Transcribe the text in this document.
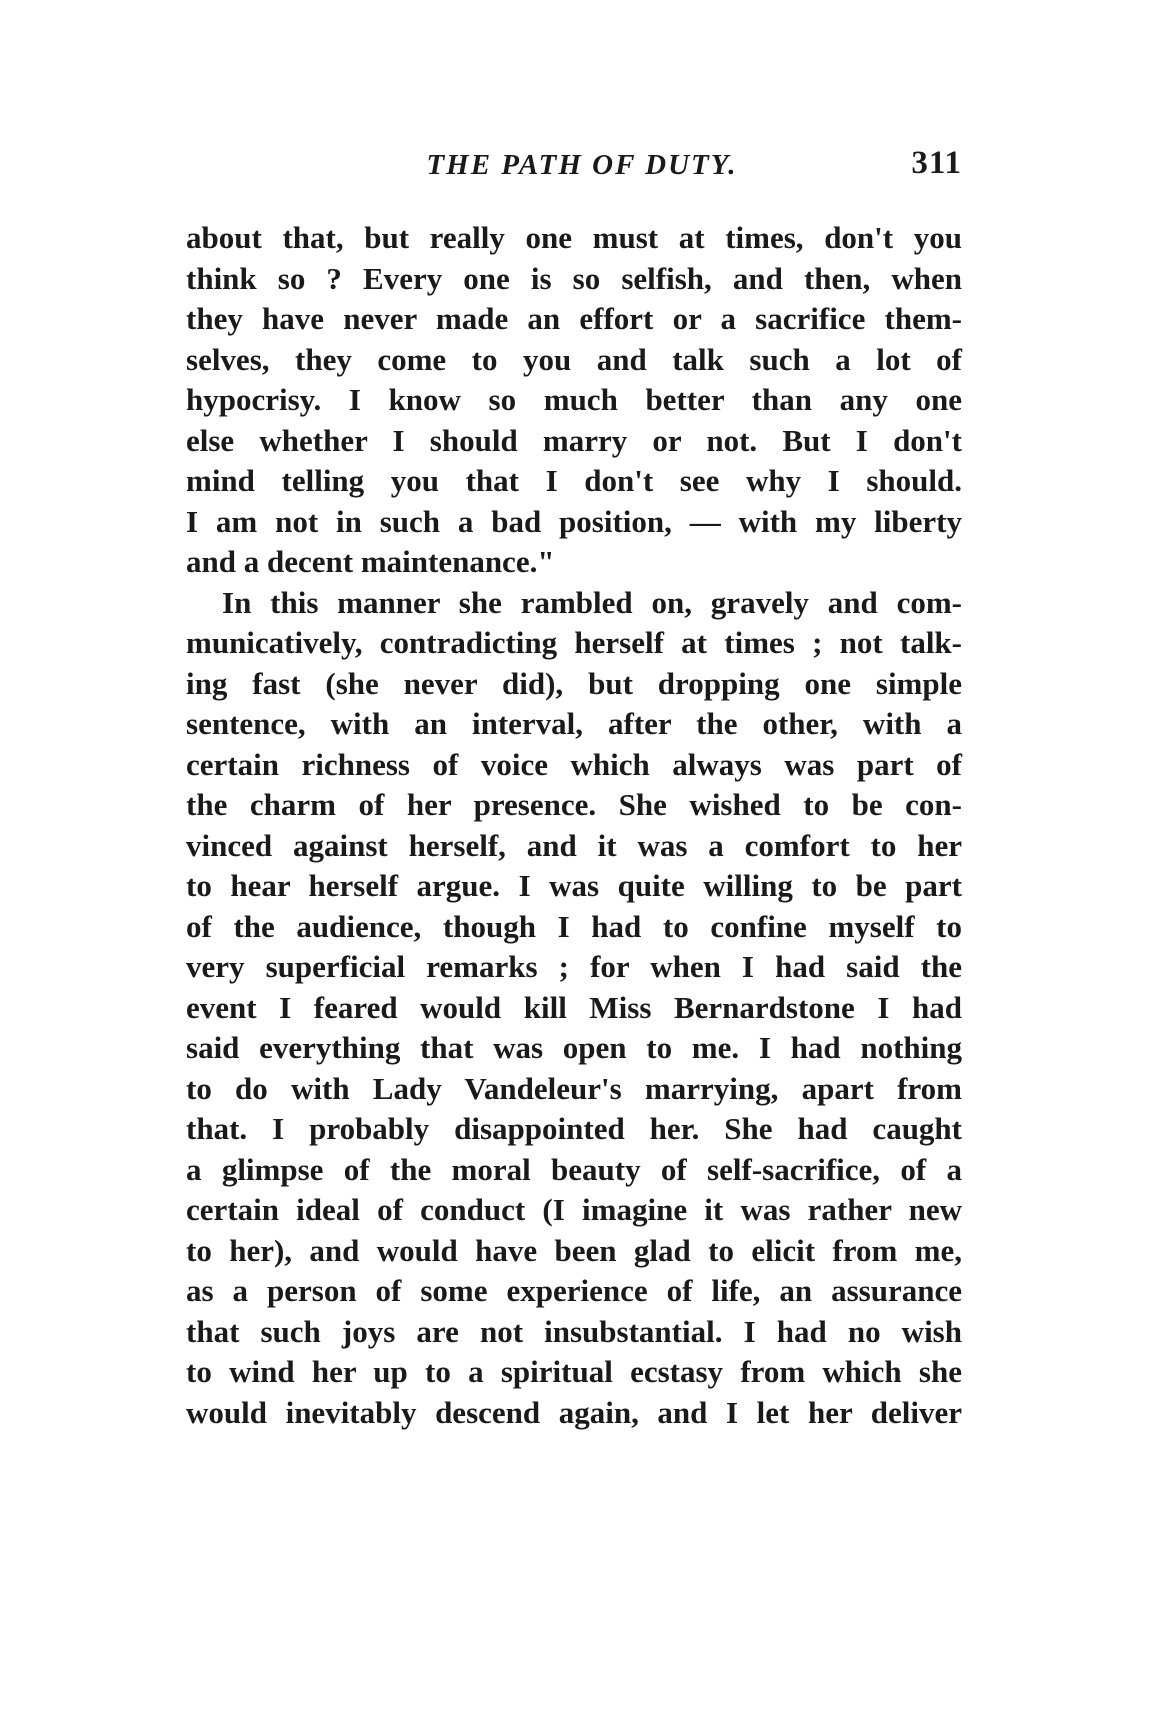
THE PATH OF DUTY.	311
about that, but really one must at times, don't you
think so ? Every one is so selfish, and then, when
they have never made an effort or a sacrifice them-
selves, they come to you and talk such a lot of
hypocrisy. I know so much better than any one
else whether I should marry or not. But I don't
mind telling you that I don't see why I should.
I am not in such a bad position, — with my liberty
and a decent maintenance."
In this manner she rambled on, gravely and com-
municatively, contradicting herself at times ; not talk-
ing fast (she never did), but dropping one simple
sentence, with an interval, after the other, with a
certain richness of voice which always was part of
the charm of her presence. She wished to be con-
vinced against herself, and it was a comfort to her
to hear herself argue. I was quite willing to be part
of the audience, though I had to confine myself to
very superficial remarks ; for when I had said the
event I feared would kill Miss Bernardstone I had
said everything that was open to me. I had nothing
to do with Lady Vandeleur's marrying, apart from
that. I probably disappointed her. She had caught
a glimpse of the moral beauty of self-sacrifice, of a
certain ideal of conduct (I imagine it was rather new
to her), and would have been glad to elicit from me,
as a person of some experience of life, an assurance
that such joys are not insubstantial. I had no wish
to wind her up to a spiritual ecstasy from which she
would inevitably descend again, and I let her deliver
